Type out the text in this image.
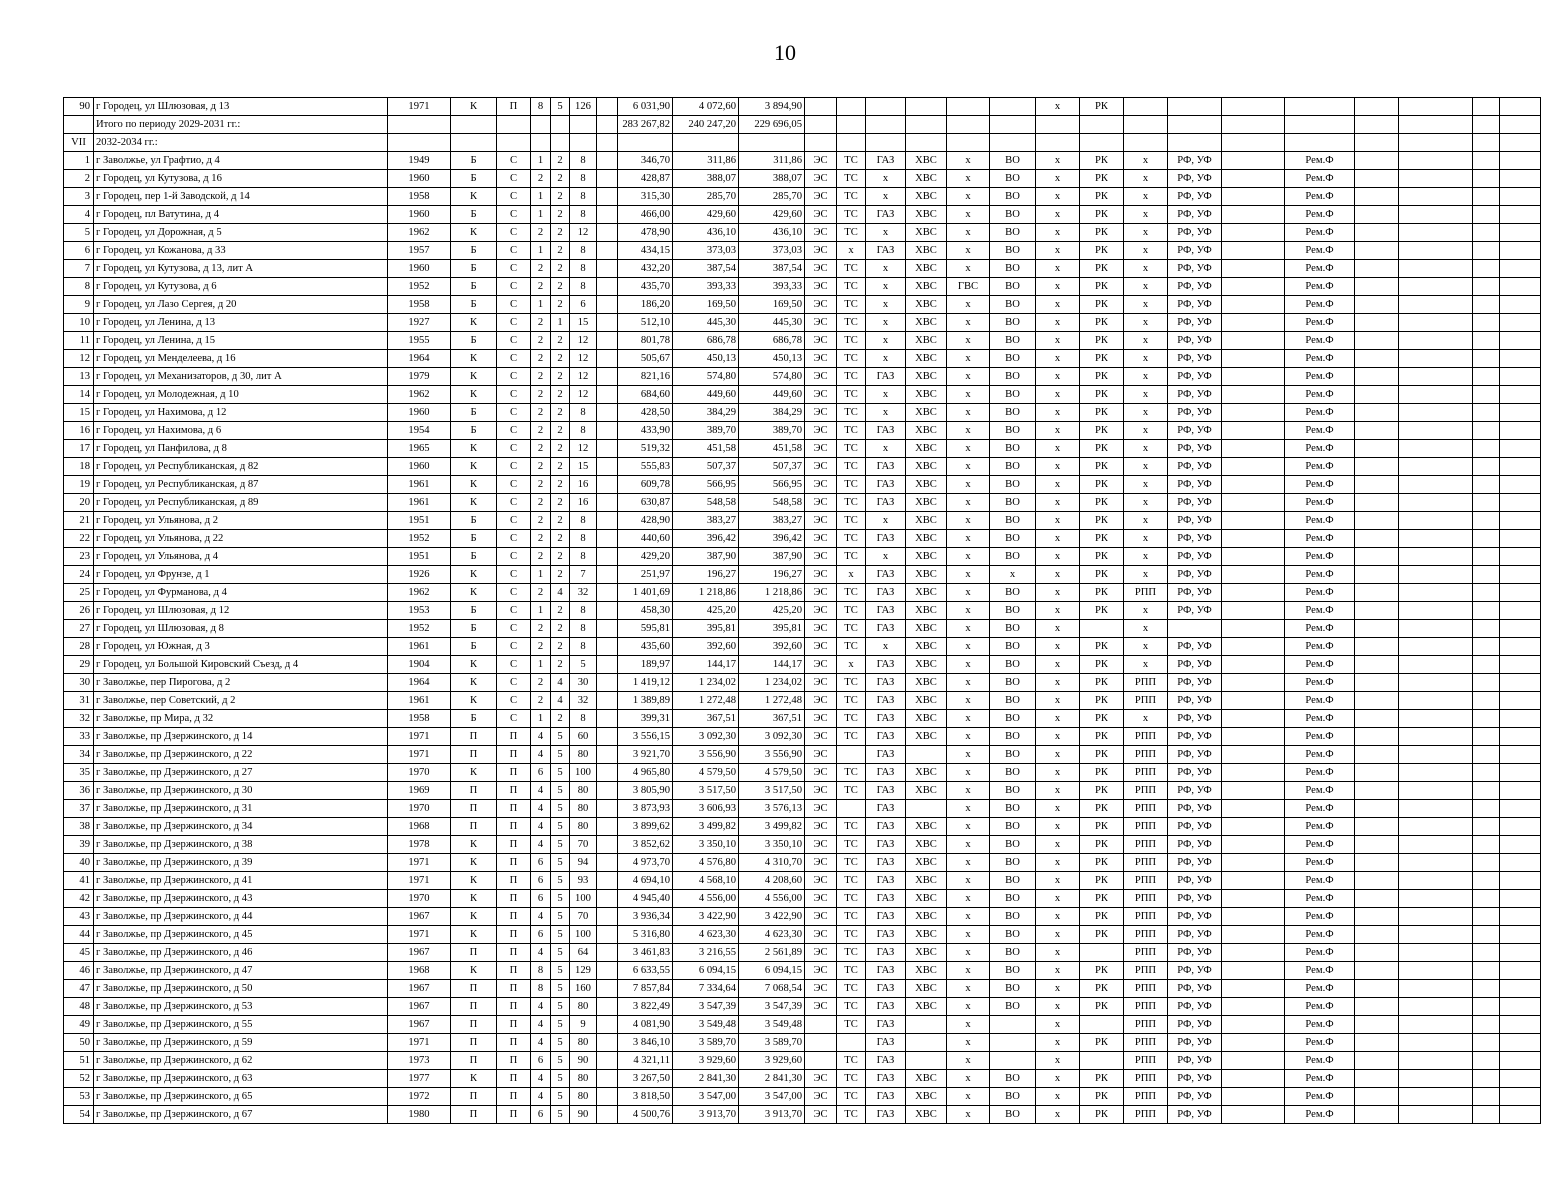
10
90	г Городец, ул Шлюзовая, д 13	1971	К	П	8	5	126		6 031,90	4 072,60	3 894,90							х	РК								
	Итого по периоду 2029-2031 гг.:								283 267,82	240 247,20	229 696,05																
VII	2032-2034 гг.:																										
1	г Заволжье, ул Графтио, д 4	1949	Б	С	1	2	8		346,70	311,86	311,86	ЭС	ТС	ГАЗ	ХВС	х	ВО	х	РК	х	РФ, УФ		Рем.Ф				
2	г Городец, ул Кутузова, д 16	1960	Б	С	2	2	8		428,87	388,07	388,07	ЭС	ТС	х	ХВС	х	ВО	х	РК	х	РФ, УФ		Рем.Ф				
3	г Городец, пер 1-й Заводской, д 14	1958	К	С	1	2	8		315,30	285,70	285,70	ЭС	ТС	х	ХВС	х	ВО	х	РК	х	РФ, УФ		Рем.Ф				
4	г Городец, пл Ватутина, д 4	1960	Б	С	1	2	8		466,00	429,60	429,60	ЭС	ТС	ГАЗ	ХВС	х	ВО	х	РК	х	РФ, УФ		Рем.Ф				
5	г Городец, ул Дорожная, д 5	1962	К	С	2	2	12		478,90	436,10	436,10	ЭС	ТС	х	ХВС	х	ВО	х	РК	х	РФ, УФ		Рем.Ф				
6	г Городец, ул Кожанова, д 33	1957	Б	С	1	2	8		434,15	373,03	373,03	ЭС	х	ГАЗ	ХВС	х	ВО	х	РК	х	РФ, УФ		Рем.Ф				
7	г Городец, ул Кутузова, д 13, лит А	1960	Б	С	2	2	8		432,20	387,54	387,54	ЭС	ТС	х	ХВС	х	ВО	х	РК	х	РФ, УФ		Рем.Ф				
8	г Городец, ул Кутузова, д 6	1952	Б	С	2	2	8		435,70	393,33	393,33	ЭС	ТС	х	ХВС	ГВС	ВО	х	РК	х	РФ, УФ		Рем.Ф				
9	г Городец, ул Лазо Сергея, д 20	1958	Б	С	1	2	6		186,20	169,50	169,50	ЭС	ТС	х	ХВС	х	ВО	х	РК	х	РФ, УФ		Рем.Ф				
10	г Городец, ул Ленина, д 13	1927	К	С	2	1	15		512,10	445,30	445,30	ЭС	ТС	х	ХВС	х	ВО	х	РК	х	РФ, УФ		Рем.Ф				
11	г Городец, ул Ленина, д 15	1955	Б	С	2	2	12		801,78	686,78	686,78	ЭС	ТС	х	ХВС	х	ВО	х	РК	х	РФ, УФ		Рем.Ф				
12	г Городец, ул Менделеева, д 16	1964	К	С	2	2	12		505,67	450,13	450,13	ЭС	ТС	х	ХВС	х	ВО	х	РК	х	РФ, УФ		Рем.Ф				
13	г Городец, ул Механизаторов, д 30, лит А	1979	К	С	2	2	12		821,16	574,80	574,80	ЭС	ТС	ГАЗ	ХВС	х	ВО	х	РК	х	РФ, УФ		Рем.Ф				
14	г Городец, ул Молодежная, д 10	1962	К	С	2	2	12		684,60	449,60	449,60	ЭС	ТС	х	ХВС	х	ВО	х	РК	х	РФ, УФ		Рем.Ф				
15	г Городец, ул Нахимова, д 12	1960	Б	С	2	2	8		428,50	384,29	384,29	ЭС	ТС	х	ХВС	х	ВО	х	РК	х	РФ, УФ		Рем.Ф				
16	г Городец, ул Нахимова, д 6	1954	Б	С	2	2	8		433,90	389,70	389,70	ЭС	ТС	ГАЗ	ХВС	х	ВО	х	РК	х	РФ, УФ		Рем.Ф				
17	г Городец, ул Панфилова, д 8	1965	К	С	2	2	12		519,32	451,58	451,58	ЭС	ТС	х	ХВС	х	ВО	х	РК	х	РФ, УФ		Рем.Ф				
18	г Городец, ул Республиканская, д 82	1960	К	С	2	2	15		555,83	507,37	507,37	ЭС	ТС	ГАЗ	ХВС	х	ВО	х	РК	х	РФ, УФ		Рем.Ф				
19	г Городец, ул Республиканская, д 87	1961	К	С	2	2	16		609,78	566,95	566,95	ЭС	ТС	ГАЗ	ХВС	х	ВО	х	РК	х	РФ, УФ		Рем.Ф				
20	г Городец, ул Республиканская, д 89	1961	К	С	2	2	16		630,87	548,58	548,58	ЭС	ТС	ГАЗ	ХВС	х	ВО	х	РК	х	РФ, УФ		Рем.Ф				
21	г Городец, ул Ульянова, д 2	1951	Б	С	2	2	8		428,90	383,27	383,27	ЭС	ТС	х	ХВС	х	ВО	х	РК	х	РФ, УФ		Рем.Ф				
22	г Городец, ул Ульянова, д 22	1952	Б	С	2	2	8		440,60	396,42	396,42	ЭС	ТС	ГАЗ	ХВС	х	ВО	х	РК	х	РФ, УФ		Рем.Ф				
23	г Городец, ул Ульянова, д 4	1951	Б	С	2	2	8		429,20	387,90	387,90	ЭС	ТС	х	ХВС	х	ВО	х	РК	х	РФ, УФ		Рем.Ф				
24	г Городец, ул Фрунзе, д 1	1926	К	С	1	2	7		251,97	196,27	196,27	ЭС	х	ГАЗ	ХВС	х	х	х	РК	х	РФ, УФ		Рем.Ф				
25	г Городец, ул Фурманова, д 4	1962	К	С	2	4	32		1 401,69	1 218,86	1 218,86	ЭС	ТС	ГАЗ	ХВС	х	ВО	х	РК	РПП	РФ, УФ		Рем.Ф				
26	г Городец, ул Шлюзовая, д 12	1953	Б	С	1	2	8		458,30	425,20	425,20	ЭС	ТС	ГАЗ	ХВС	х	ВО	х	РК	х	РФ, УФ		Рем.Ф				
27	г Городец, ул Шлюзовая, д 8	1952	Б	С	2	2	8		595,81	395,81	395,81	ЭС	ТС	ГАЗ	ХВС	х	ВО	х		х			Рем.Ф				
28	г Городец, ул Южная, д 3	1961	Б	С	2	2	8		435,60	392,60	392,60	ЭС	ТС	х	ХВС	х	ВО	х	РК	х	РФ, УФ		Рем.Ф				
29	г Городец, ул Большой Кировский Съезд, д 4	1904	К	С	1	2	5		189,97	144,17	144,17	ЭС	х	ГАЗ	ХВС	х	ВО	х	РК	х	РФ, УФ		Рем.Ф				
30	г Заволжье, пер Пирогова, д 2	1964	К	С	2	4	30		1 419,12	1 234,02	1 234,02	ЭС	ТС	ГАЗ	ХВС	х	ВО	х	РК	РПП	РФ, УФ		Рем.Ф				
31	г Заволжье, пер Советский, д 2	1961	К	С	2	4	32		1 389,89	1 272,48	1 272,48	ЭС	ТС	ГАЗ	ХВС	х	ВО	х	РК	РПП	РФ, УФ		Рем.Ф				
32	г Заволжье, пр Мира, д 32	1958	Б	С	1	2	8		399,31	367,51	367,51	ЭС	ТС	ГАЗ	ХВС	х	ВО	х	РК	х	РФ, УФ		Рем.Ф				
33	г Заволжье, пр Дзержинского, д 14	1971	П	П	4	5	60		3 556,15	3 092,30	3 092,30	ЭС	ТС	ГАЗ	ХВС	х	ВО	х	РК	РПП	РФ, УФ		Рем.Ф				
34	г Заволжье, пр Дзержинского, д 22	1971	П	П	4	5	80		3 921,70	3 556,90	3 556,90	ЭС		ГАЗ		х	ВО	х	РК	РПП	РФ, УФ		Рем.Ф				
35	г Заволжье, пр Дзержинского, д 27	1970	К	П	6	5	100		4 965,80	4 579,50	4 579,50	ЭС	ТС	ГАЗ	ХВС	х	ВО	х	РК	РПП	РФ, УФ		Рем.Ф				
36	г Заволжье, пр Дзержинского, д 30	1969	П	П	4	5	80		3 805,90	3 517,50	3 517,50	ЭС	ТС	ГАЗ	ХВС	х	ВО	х	РК	РПП	РФ, УФ		Рем.Ф				
37	г Заволжье, пр Дзержинского, д 31	1970	П	П	4	5	80		3 873,93	3 606,93	3 576,13	ЭС		ГАЗ		х	ВО	х	РК	РПП	РФ, УФ		Рем.Ф				
38	г Заволжье, пр Дзержинского, д 34	1968	П	П	4	5	80		3 899,62	3 499,82	3 499,82	ЭС	ТС	ГАЗ	ХВС	х	ВО	х	РК	РПП	РФ, УФ		Рем.Ф				
39	г Заволжье, пр Дзержинского, д 38	1978	К	П	4	5	70		3 852,62	3 350,10	3 350,10	ЭС	ТС	ГАЗ	ХВС	х	ВО	х	РК	РПП	РФ, УФ		Рем.Ф				
40	г Заволжье, пр Дзержинского, д 39	1971	К	П	6	5	94		4 973,70	4 576,80	4 310,70	ЭС	ТС	ГАЗ	ХВС	х	ВО	х	РК	РПП	РФ, УФ		Рем.Ф				
41	г Заволжье, пр Дзержинского, д 41	1971	К	П	6	5	93		4 694,10	4 568,10	4 208,60	ЭС	ТС	ГАЗ	ХВС	х	ВО	х	РК	РПП	РФ, УФ		Рем.Ф				
42	г Заволжье, пр Дзержинского, д 43	1970	К	П	6	5	100		4 945,40	4 556,00	4 556,00	ЭС	ТС	ГАЗ	ХВС	х	ВО	х	РК	РПП	РФ, УФ		Рем.Ф				
43	г Заволжье, пр Дзержинского, д 44	1967	К	П	4	5	70		3 936,34	3 422,90	3 422,90	ЭС	ТС	ГАЗ	ХВС	х	ВО	х	РК	РПП	РФ, УФ		Рем.Ф				
44	г Заволжье, пр Дзержинского, д 45	1971	К	П	6	5	100		5 316,80	4 623,30	4 623,30	ЭС	ТС	ГАЗ	ХВС	х	ВО	х	РК	РПП	РФ, УФ		Рем.Ф				
45	г Заволжье, пр Дзержинского, д 46	1967	П	П	4	5	64		3 461,83	3 216,55	2 561,89	ЭС	ТС	ГАЗ	ХВС	х	ВО	х		РПП	РФ, УФ		Рем.Ф				
46	г Заволжье, пр Дзержинского, д 47	1968	К	П	8	5	129		6 633,55	6 094,15	6 094,15	ЭС	ТС	ГАЗ	ХВС	х	ВО	х	РК	РПП	РФ, УФ		Рем.Ф				
47	г Заволжье, пр Дзержинского, д 50	1967	П	П	8	5	160		7 857,84	7 334,64	7 068,54	ЭС	ТС	ГАЗ	ХВС	х	ВО	х	РК	РПП	РФ, УФ		Рем.Ф				
48	г Заволжье, пр Дзержинского, д 53	1967	П	П	4	5	80		3 822,49	3 547,39	3 547,39	ЭС	ТС	ГАЗ	ХВС	х	ВО	х	РК	РПП	РФ, УФ		Рем.Ф				
49	г Заволжье, пр Дзержинского, д 55	1967	П	П	4	5	9		4 081,90	3 549,48	3 549,48		ТС	ГАЗ		х		х		РПП	РФ, УФ		Рем.Ф				
50	г Заволжье, пр Дзержинского, д 59	1971	П	П	4	5	80		3 846,10	3 589,70	3 589,70			ГАЗ		х		х	РК	РПП	РФ, УФ		Рем.Ф				
51	г Заволжье, пр Дзержинского, д 62	1973	П	П	6	5	90		4 321,11	3 929,60	3 929,60		ТС	ГАЗ		х		х		РПП	РФ, УФ		Рем.Ф				
52	г Заволжье, пр Дзержинского, д 63	1977	К	П	4	5	80		3 267,50	2 841,30	2 841,30	ЭС	ТС	ГАЗ	ХВС	х	ВО	х	РК	РПП	РФ, УФ		Рем.Ф				
53	г Заволжье, пр Дзержинского, д 65	1972	П	П	4	5	80		3 818,50	3 547,00	3 547,00	ЭС	ТС	ГАЗ	ХВС	х	ВО	х	РК	РПП	РФ, УФ		Рем.Ф				
54	г Заволжье, пр Дзержинского, д 67	1980	П	П	6	5	90		4 500,76	3 913,70	3 913,70	ЭС	ТС	ГАЗ	ХВС	х	ВО	х	РК	РПП	РФ, УФ		Рем.Ф				
